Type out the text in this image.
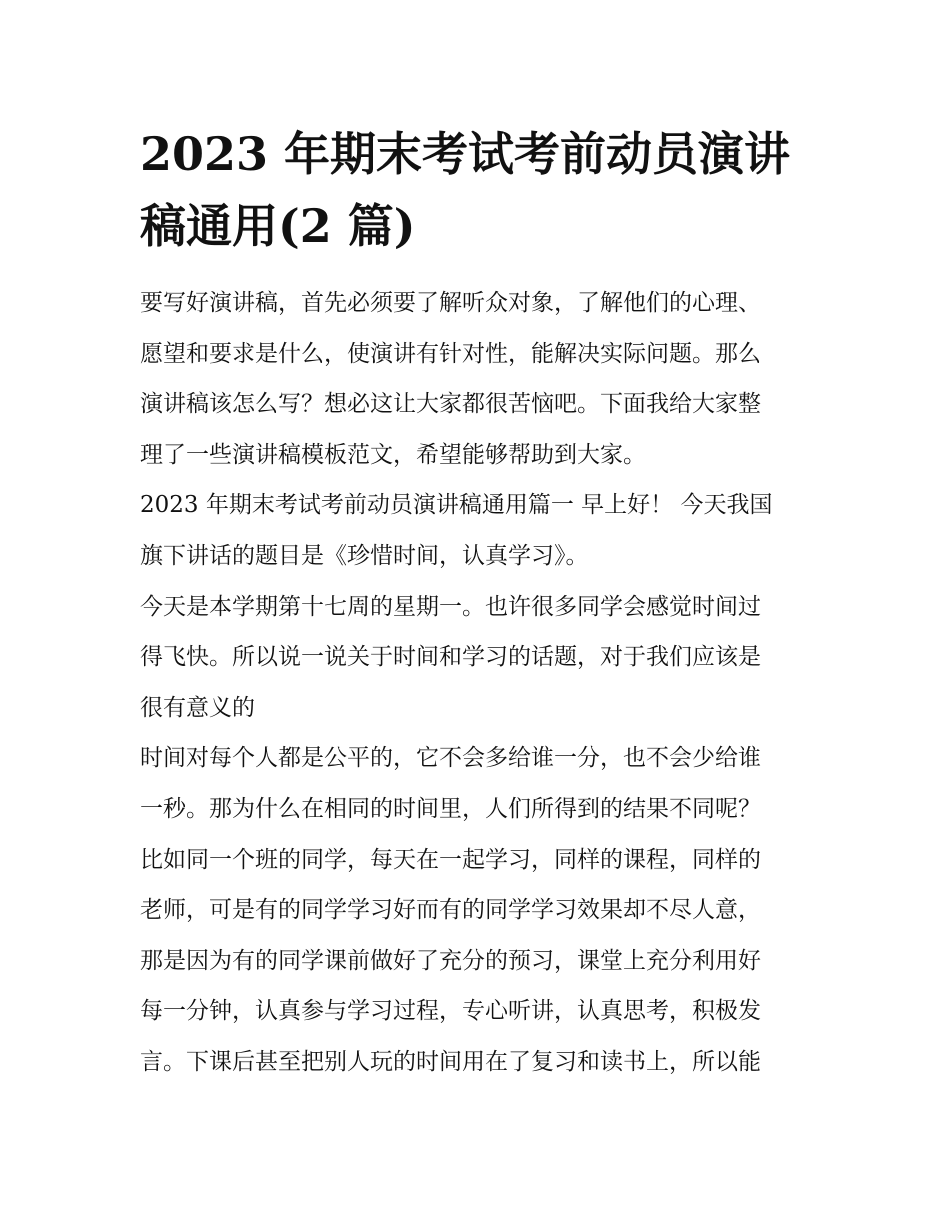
2023 年期末考试考前动员演讲
稿通用(2 篇)
要写好演讲稿，首先必须要了解听众对象，了解他们的心理、
愿望和要求是什么，使演讲有针对性，能解决实际问题。那么
演讲稿该怎么写？想必这让大家都很苦恼吧。下面我给大家整
理了一些演讲稿模板范文，希望能够帮助到大家。
2023 年期末考试考前动员演讲稿通用篇一 早上好！ 今天我国
旗下讲话的题目是《珍惜时间，认真学习》。
今天是本学期第十七周的星期一。也许很多同学会感觉时间过
得飞快。所以说一说关于时间和学习的话题，对于我们应该是
很有意义的
时间对每个人都是公平的，它不会多给谁一分，也不会少给谁
一秒。那为什么在相同的时间里，人们所得到的结果不同呢？
比如同一个班的同学，每天在一起学习，同样的课程，同样的
老师，可是有的同学学习好而有的同学学习效果却不尽人意，
那是因为有的同学课前做好了充分的预习，课堂上充分利用好
每一分钟，认真参与学习过程，专心听讲，认真思考，积极发
言。下课后甚至把别人玩的时间用在了复习和读书上，所以能
